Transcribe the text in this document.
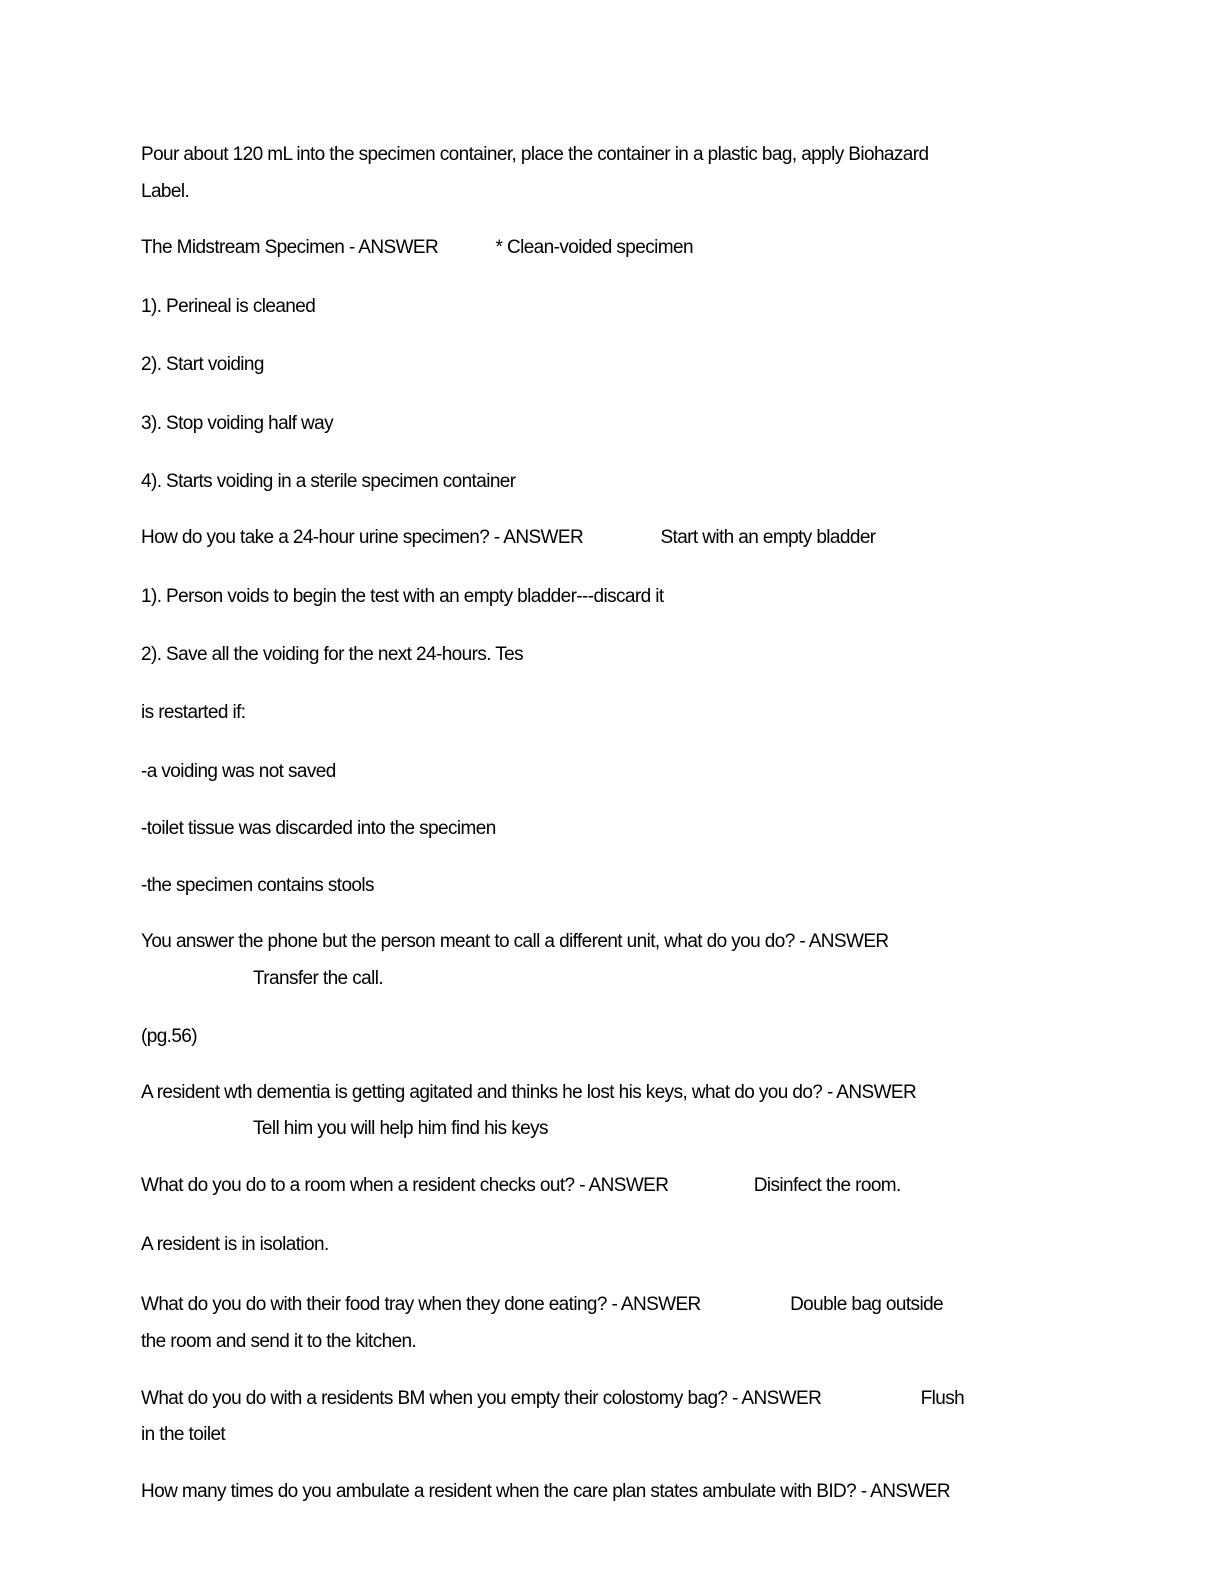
Pour about 120 mL into the specimen container, place the container in a plastic bag, apply Biohazard
Label.
The Midstream Specimen - ANSWER	* Clean-voided specimen
1). Perineal is cleaned
2). Start voiding
3). Stop voiding half way
4). Starts voiding in a sterile specimen container
How do you take a 24-hour urine specimen? - ANSWER	Start with an empty bladder
1). Person voids to begin the test with an empty bladder---discard it
2). Save all the voiding for the next 24-hours. Tes
is restarted if:
-a voiding was not saved
-toilet tissue was discarded into the specimen
-the specimen contains stools
You answer the phone but the person meant to call a different unit, what do you do? - ANSWER
Transfer the call.
(pg.56)
A resident wth dementia is getting agitated and thinks he lost his keys, what do you do? - ANSWER
Tell him you will help him find his keys
What do you do to a room when a resident checks out? - ANSWER	Disinfect the room.
A resident is in isolation.
What do you do with their food tray when they done eating? - ANSWER	Double bag outside
the room and send it to the kitchen.
What do you do with a residents BM when you empty their colostomy bag? - ANSWER	Flush
in the toilet
How many times do you ambulate a resident when the care plan states ambulate with BID? - ANSWER
